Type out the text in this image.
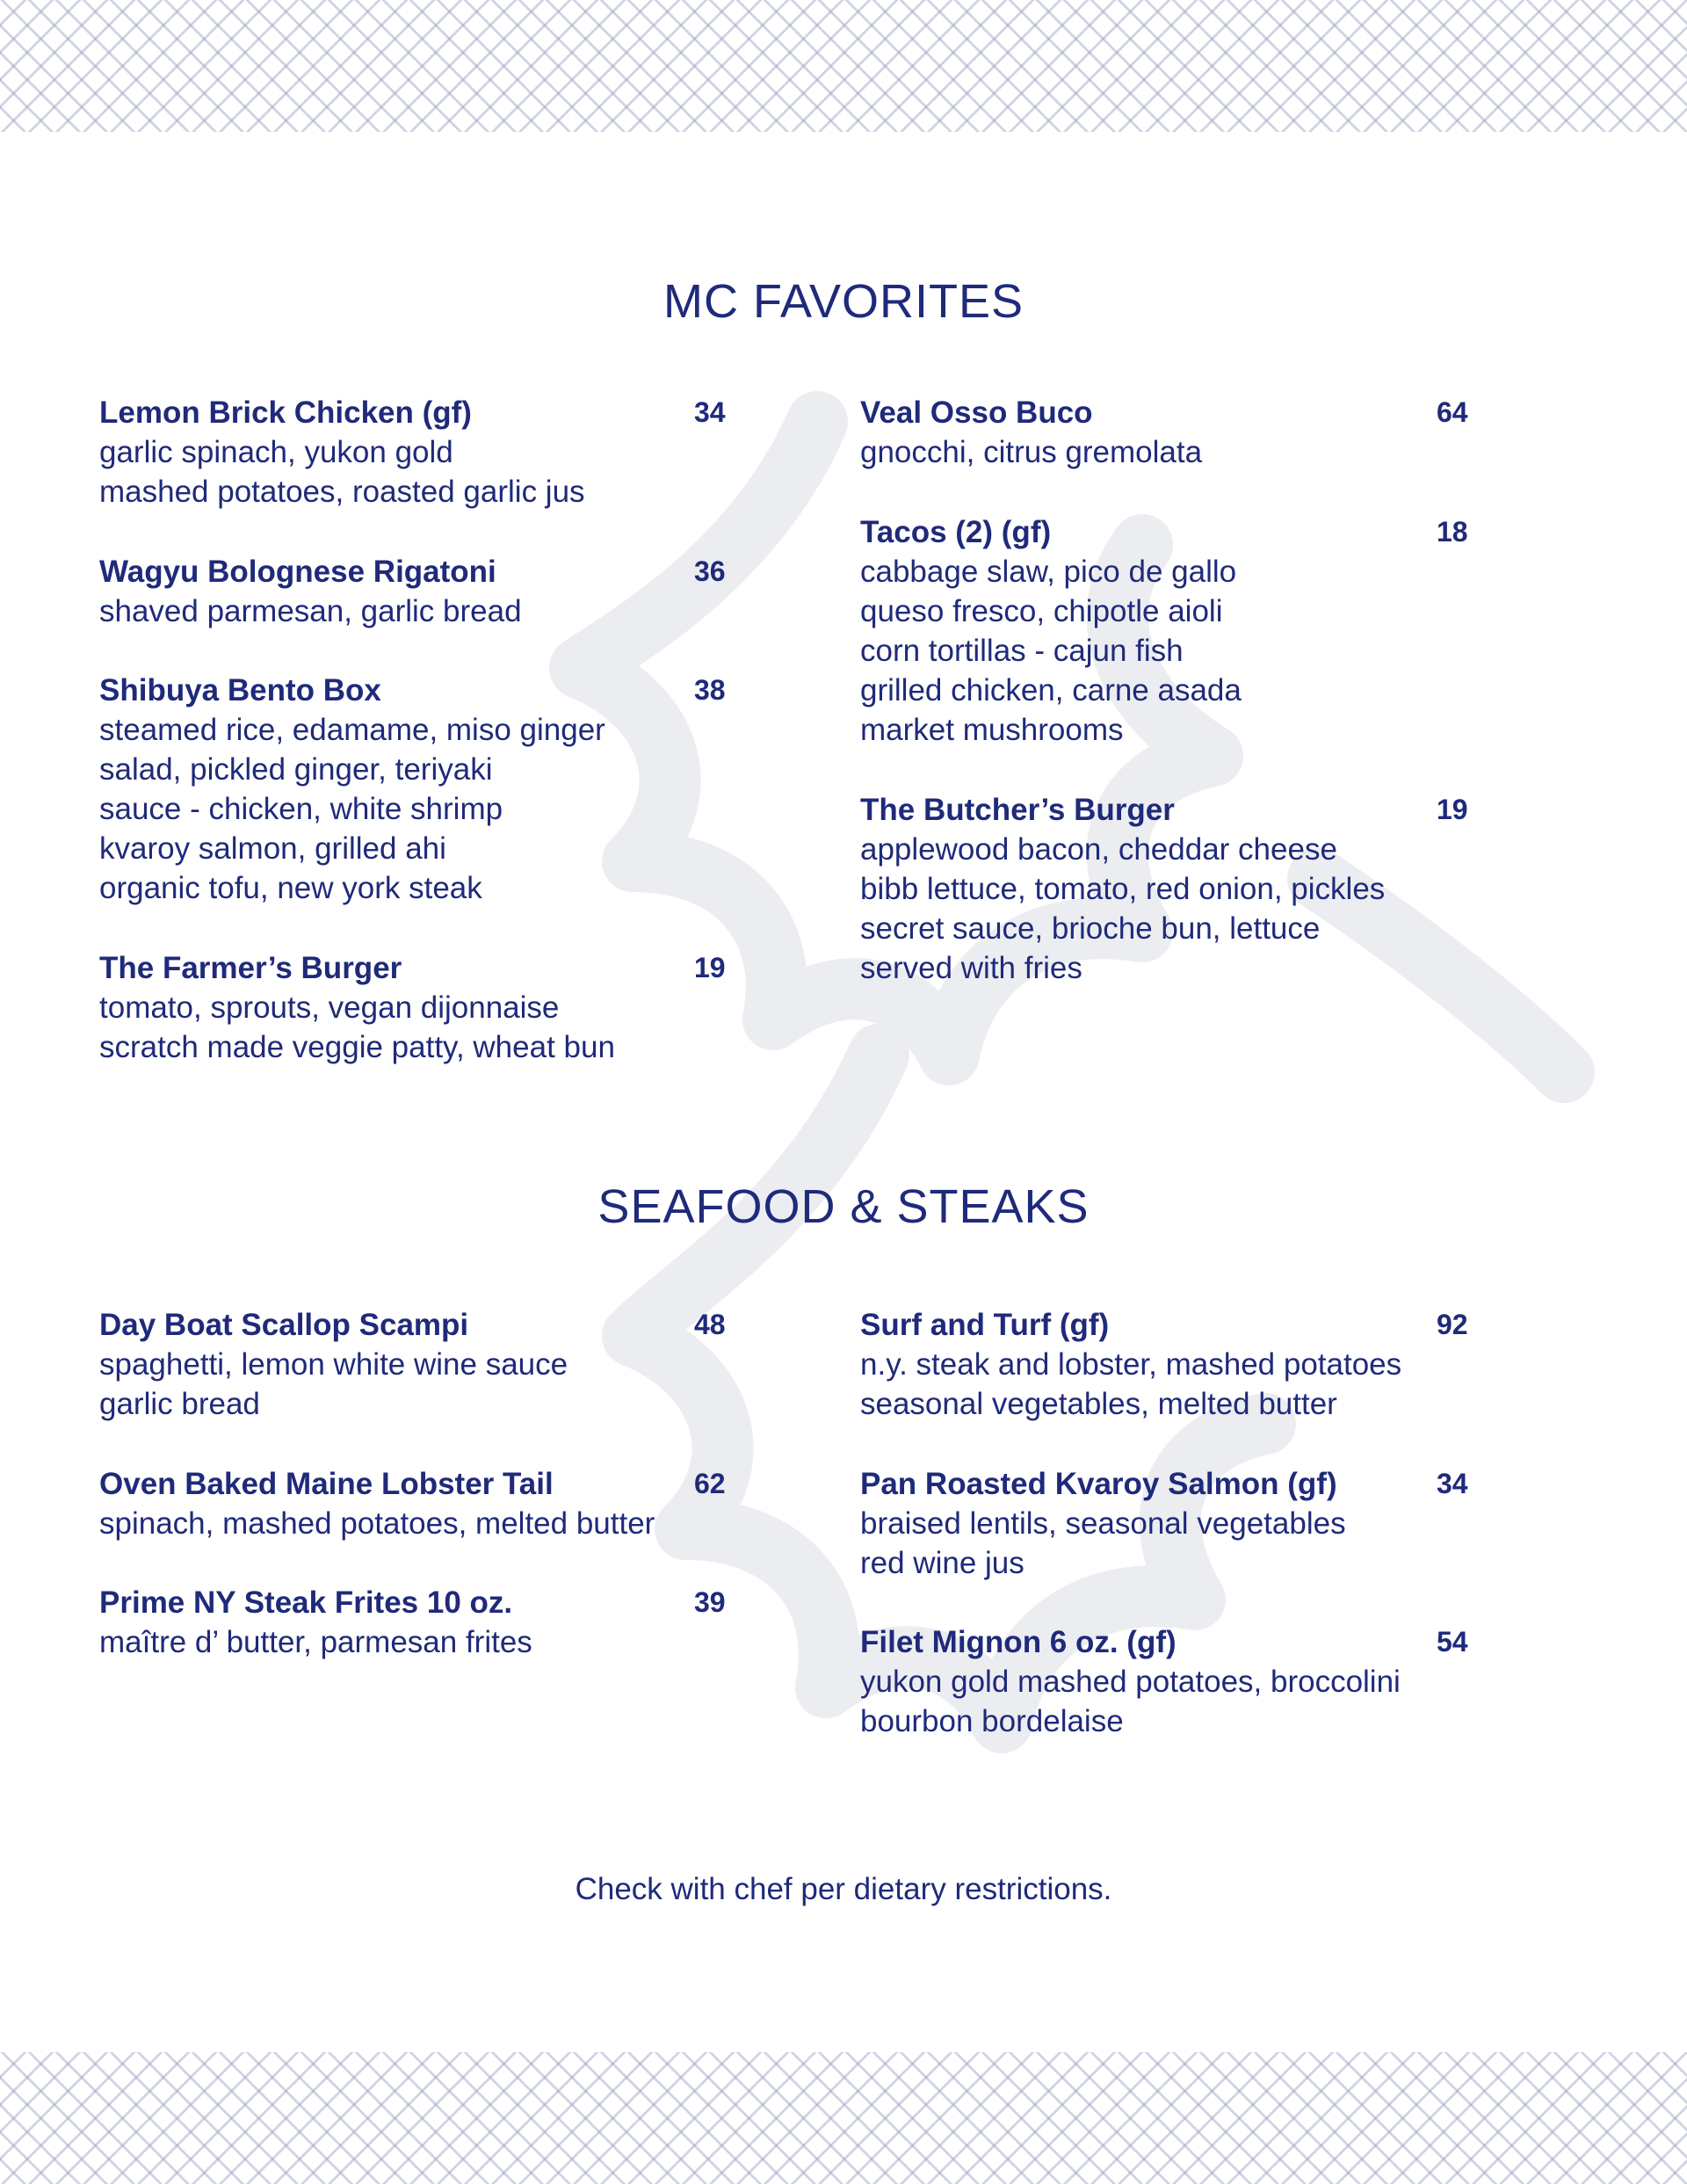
MC FAVORITES
Lemon Brick Chicken (gf)	34
garlic spinach, yukon gold
mashed potatoes, roasted garlic jus
Wagyu Bolognese Rigatoni	36
shaved parmesan, garlic bread
Shibuya Bento Box	38
steamed rice, edamame, miso ginger
salad, pickled ginger, teriyaki
sauce - chicken, white shrimp
kvaroy salmon, grilled ahi
organic tofu, new york steak
The Farmer’s Burger	19
tomato, sprouts, vegan dijonnaise
scratch made veggie patty, wheat bun
Veal Osso Buco	64
gnocchi, citrus gremolata
Tacos (2) (gf)	18
cabbage slaw, pico de gallo
queso fresco, chipotle aioli
corn tortillas - cajun fish
grilled chicken, carne asada
market mushrooms
The Butcher’s Burger	19
applewood bacon, cheddar cheese
bibb lettuce, tomato, red onion, pickles
secret sauce, brioche bun, lettuce
served with fries
SEAFOOD & STEAKS
Day Boat Scallop Scampi	48
spaghetti, lemon white wine sauce
garlic bread
Oven Baked Maine Lobster Tail	62
spinach, mashed potatoes, melted butter
Prime NY Steak Frites 10 oz.	39
maître d’ butter, parmesan frites
Surf and Turf (gf)	92
n.y. steak and lobster, mashed potatoes
seasonal vegetables, melted butter
Pan Roasted Kvaroy Salmon (gf)	34
braised lentils, seasonal vegetables
red wine jus
Filet Mignon 6 oz. (gf)	54
yukon gold mashed potatoes, broccolini
bourbon bordelaise
Check with chef per dietary restrictions.
